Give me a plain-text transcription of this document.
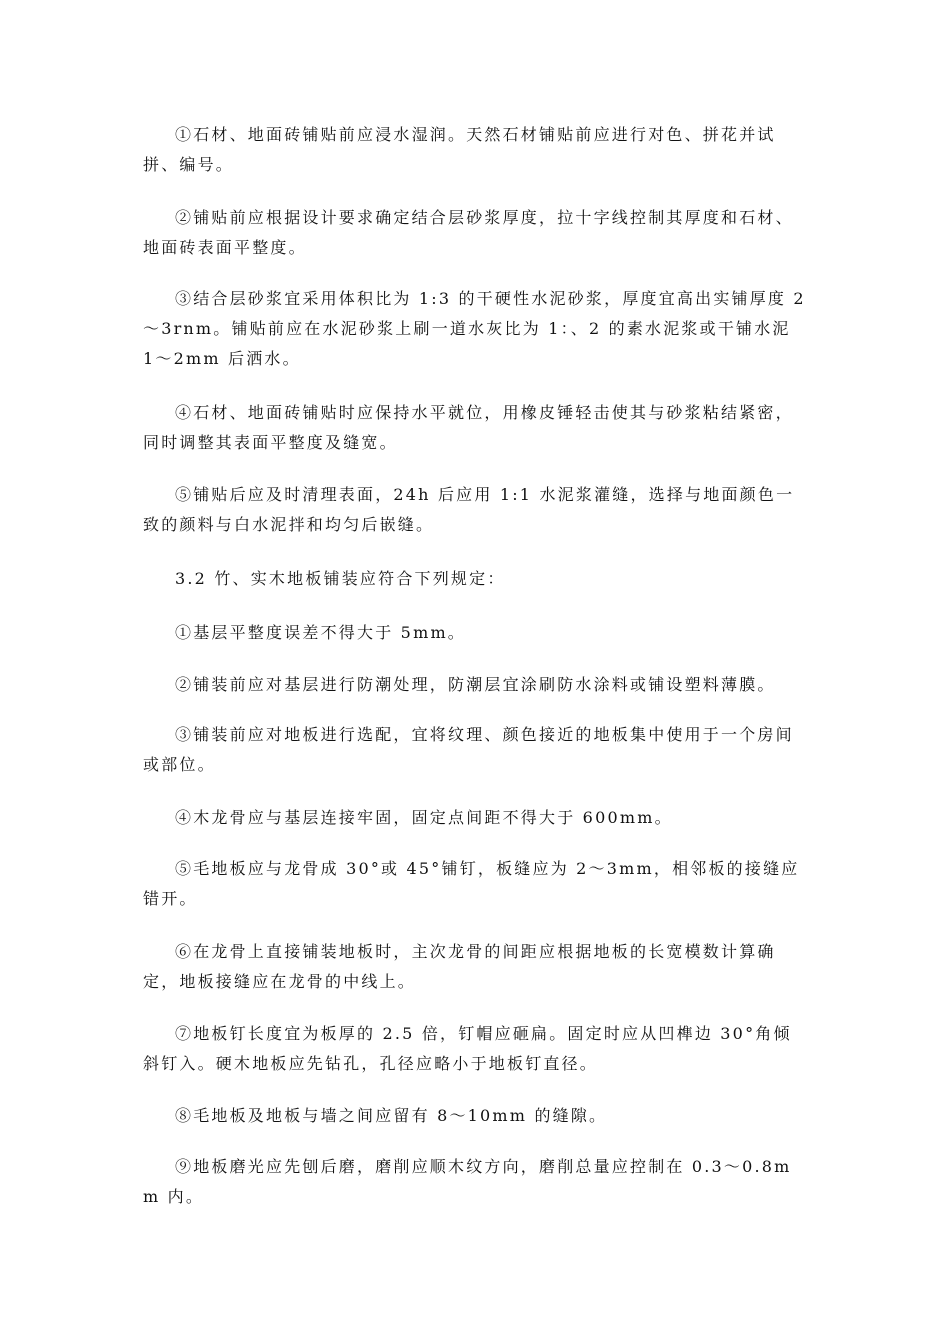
①石材、地面砖铺贴前应浸水湿润。天然石材铺贴前应进行对色、拼花并试拼、编号。

②铺贴前应根据设计要求确定结合层砂浆厚度，拉十字线控制其厚度和石材、地面砖表面平整度。

③结合层砂浆宜采用体积比为 1:3 的干硬性水泥砂浆，厚度宜高出实铺厚度 2～3rnm。铺贴前应在水泥砂浆上刷一道水灰比为 1：、2 的素水泥浆或干铺水泥 1～2mm 后洒水。

④石材、地面砖铺贴时应保持水平就位，用橡皮锤轻击使其与砂浆粘结紧密，同时调整其表面平整度及缝宽。

⑤铺贴后应及时清理表面，24h 后应用 1:1 水泥浆灌缝，选择与地面颜色一致的颜料与白水泥拌和均匀后嵌缝。

3.2 竹、实木地板铺装应符合下列规定：

①基层平整度误差不得大于 5mm。

②铺装前应对基层进行防潮处理，防潮层宜涂刷防水涂料或铺设塑料薄膜。

③铺装前应对地板进行选配，宜将纹理、颜色接近的地板集中使用于一个房间或部位。

④木龙骨应与基层连接牢固，固定点间距不得大于 600mm。

⑤毛地板应与龙骨成 30°或 45°铺钉，板缝应为 2～3mm，相邻板的接缝应错开。

⑥在龙骨上直接铺装地板时，主次龙骨的间距应根据地板的长宽模数计算确定，地板接缝应在龙骨的中线上。

⑦地板钉长度宜为板厚的 2.5 倍，钉帽应砸扁。固定时应从凹榫边 30°角倾斜钉入。硬木地板应先钻孔，孔径应略小于地板钉直径。

⑧毛地板及地板与墙之间应留有 8～10mm 的缝隙。

⑨地板磨光应先刨后磨，磨削应顺木纹方向，磨削总量应控制在 0.3～0.8mm 内。
